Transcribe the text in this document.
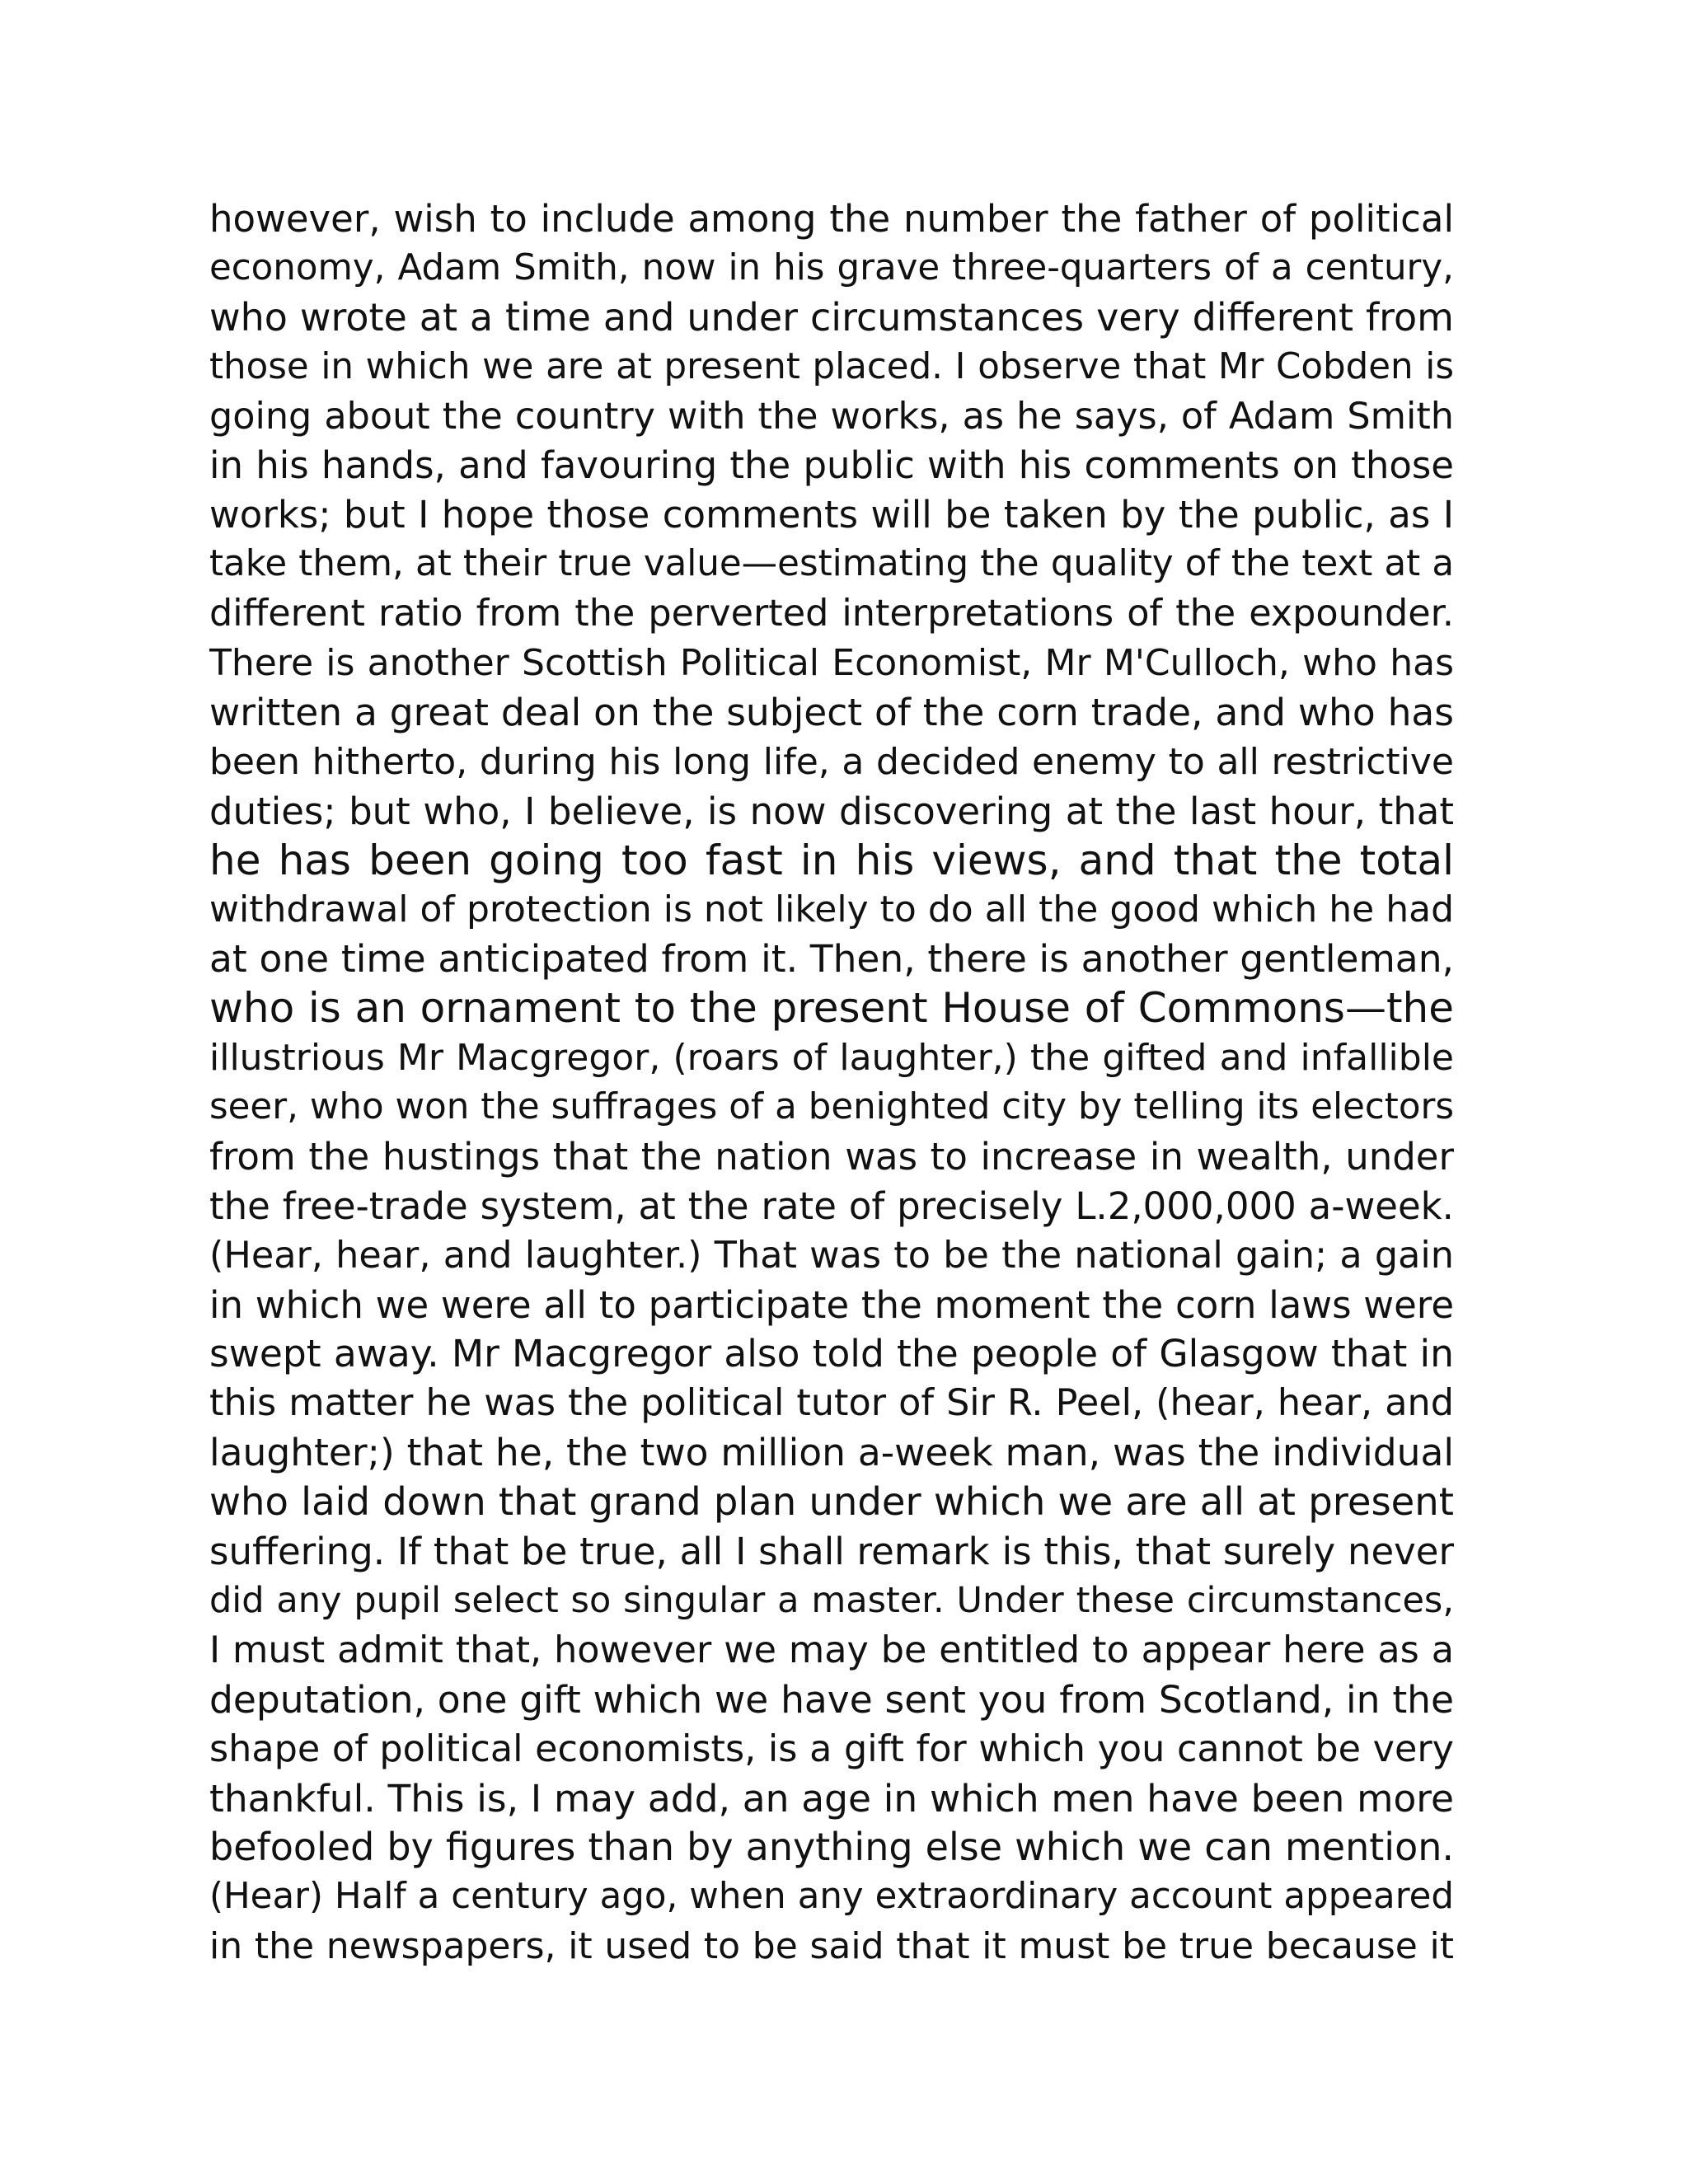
however, wish to include among the number the father of political
economy, Adam Smith, now in his grave three-quarters of a century,
who wrote at a time and under circumstances very different from
those in which we are at present placed. I observe that Mr Cobden is
going about the country with the works, as he says, of Adam Smith
in his hands, and favouring the public with his comments on those
works; but I hope those comments will be taken by the public, as I
take them, at their true value—estimating the quality of the text at a
different ratio from the perverted interpretations of the expounder.
There is another Scottish Political Economist, Mr M'Culloch, who has
written a great deal on the subject of the corn trade, and who has
been hitherto, during his long life, a decided enemy to all restrictive
duties; but who, I believe, is now discovering at the last hour, that
he has been going too fast in his views, and that the total
withdrawal of protection is not likely to do all the good which he had
at one time anticipated from it. Then, there is another gentleman,
who is an ornament to the present House of Commons—the
illustrious Mr Macgregor, (roars of laughter,) the gifted and infallible
seer, who won the suffrages of a benighted city by telling its electors
from the hustings that the nation was to increase in wealth, under
the free-trade system, at the rate of precisely L.2,000,000 a-week.
(Hear, hear, and laughter.) That was to be the national gain; a gain
in which we were all to participate the moment the corn laws were
swept away. Mr Macgregor also told the people of Glasgow that in
this matter he was the political tutor of Sir R. Peel, (hear, hear, and
laughter;) that he, the two million a-week man, was the individual
who laid down that grand plan under which we are all at present
suffering. If that be true, all I shall remark is this, that surely never
did any pupil select so singular a master. Under these circumstances,
I must admit that, however we may be entitled to appear here as a
deputation, one gift which we have sent you from Scotland, in the
shape of political economists, is a gift for which you cannot be very
thankful. This is, I may add, an age in which men have been more
befooled by figures than by anything else which we can mention.
(Hear) Half a century ago, when any extraordinary account appeared
in the newspapers, it used to be said that it must be true because it
